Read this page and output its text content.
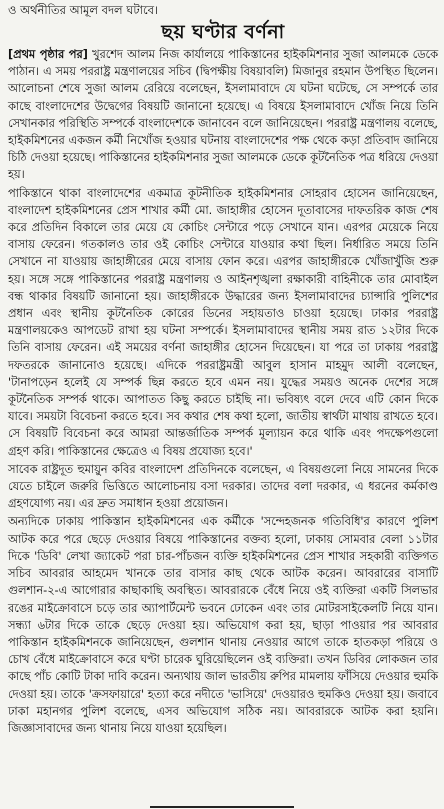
ও অর্থনীতির আমূল বদল ঘটাবে।
ছয় ঘণ্টার বর্ণনা

[প্রথম পৃষ্ঠার পর] খুরশেদ আলম নিজ কার্যালয়ে পাকিস্তানের হাইকমিশনার সুজা আলমকে ডেকে পাঠান। এ সময় পররাষ্ট্র মন্ত্রণালয়ের সচিব (দ্বিপক্ষীয় বিষয়াবলি) মিজানুর রহমান উপস্থিত ছিলেন। আলোচনা শেষে সুজা আলম রেরিয়ে বলেছেন, ইসলামাবাদে যে ঘটনা ঘটেছে, সে সম্পর্কে তার কাছে বাংলাদেশের উদ্বেগের বিষয়টি জানানো হয়েছে। এ বিষয়ে ইসলামাবাদে খোঁজ নিয়ে তিনি সেখানকার পরিস্থিতি সম্পর্কে বাংলাদেশকে জানাবেন বলে জানিয়েছেন। পররাষ্ট্র মন্ত্রণালয় বলেছে, হাইকমিশনের একজন কর্মী নিখোঁজ হওয়ার ঘটনায় বাংলাদেশের পক্ষ থেকে কড়া প্রতিবাদ জানিয়ে চিঠি দেওয়া হয়েছে। পাকিস্তানের হাইকমিশনার সুজা আলমকে ডেকে কূটনৈতিক পত্র ধরিয়ে দেওয়া হয়।

পাকিস্তানে থাকা বাংলাদেশের একমাত্র কূটনীতিক হাইকমিশনার সোহরাব হোসেন জানিয়েছেন, বাংলাদেশ হাইকমিশনের প্রেস শাখার কর্মী মো. জাহাঙ্গীর হোসেন দূতাবাসের দাফতরিক কাজ শেষ করে প্রতিদিন বিকালে তার মেয়ে যে কোচিং সেন্টারে পড়ে সেখানে যান। এরপর মেয়েকে নিয়ে বাসায় ফেরেন। গতকালও তার ওই কোচিং সেন্টারে যাওয়ার কথা ছিল। নির্ধারিত সময়ে তিনি সেখানে না যাওয়ায় জাহাঙ্গীরের মেয়ে বাসায় ফোন করে। এরপর জাহাঙ্গীরকে খোঁজাখুঁজি শুরু হয়। সঙ্গে সঙ্গে পাকিস্তানের পররাষ্ট্র মন্ত্রণালয় ও আইনশৃঙ্খলা রক্ষাকারী বাহিনীকে তার মোবাইল বন্ধ থাকার বিষয়টি জানানো হয়। জাহাঙ্গীরকে উদ্ধারের জন্য ইসলামাবাদের চ্যান্সারি পুলিশের প্রধান এবং স্থানীয় কূটনৈতিক কোরের ডিনের সহায়তাও চাওয়া হয়েছে। ঢাকার পররাষ্ট্র মন্ত্রণালয়কেও আপডেট রাখা হয় ঘটনা সম্পর্কে। ইসলামাবাদের স্থানীয় সময় রাত ১২টার দিকে তিনি বাসায় ফেরেন। এই সময়ের বর্ণনা জাহাঙ্গীর হোসেন দিয়েছেন। যা পরে তা ঢাকায় পররাষ্ট্র দফতরকে জানানোও হয়েছে। এদিকে পররাষ্ট্রমন্ত্রী আবুল হাসান মাহমুদ আলী বলেছেন, 'টানাপড়েন হলেই যে সম্পর্ক ছিন্ন করতে হবে এমন নয়। যুদ্ধের সময়ও অনেক দেশের সঙ্গে কূটনৈতিক সম্পর্ক থাকে। আপাতত কিছু করতে চাইছি না। ভবিষ্যৎ বলে দেবে এটি কোন দিকে যাবে। সময়টা বিবেচনা করতে হবে। সব কথার শেষ কথা হলো, জাতীয় স্বার্থটা মাথায় রাখতে হবে। সে বিষয়টি বিবেচনা করে আমরা আন্তর্জাতিক সম্পর্ক মূল্যায়ন করে থাকি এবং পদক্ষেপগুলো গ্রহণ করি। পাকিস্তানের ক্ষেত্রেও এ বিষয় প্রযোজ্য হবে।'

সাবেক রাষ্ট্রদূত হুমায়ুন কবির বাংলাদেশ প্রতিদিনকে বলেছেন, এ বিষয়গুলো নিয়ে সামনের দিকে যেতে চাইলে জরুরি ভিত্তিতে আলোচনায় বসা দরকার। তাদের বলা দরকার, এ ধরনের কর্মকাণ্ড গ্রহণযোগ্য নয়। এর দ্রুত সমাধান হওয়া প্রয়োজন।

অন্যদিকে ঢাকায় পাকিস্তান হাইকমিশনের এক কর্মীকে 'সন্দেহজনক গতিবিধি'র কারণে পুলিশ আটক করে পরে ছেড়ে দেওয়ার বিষয়ে পাকিস্তানের বক্তব্য হলো, ঢাকায় সোমবার বেলা ১১টার দিকে 'ডিবি' লেখা জ্যাকেট পরা চার-পাঁচজন ব্যক্তি হাইকমিশনের প্রেস শাখার সহকারী ব্যক্তিগত সচিব আবরার আহমেদ খানকে তার বাসার কাছ থেকে আটক করেন। আবরারের বাসাটি গুলশান-২-এ আগোরার কাছাকাছি অবস্থিত। আবরারকে বেঁধে নিয়ে ওই ব্যক্তিরা একটি সিলভার রঙের মাইক্রোবাসে চড়ে তার অ্যাপার্টমেন্ট ভবনে ঢোকেন এবং তার মোটরসাইকেলটি নিয়ে যান। সন্ধ্যা ৬টার দিকে তাকে ছেড়ে দেওয়া হয়। অভিযোগ করা হয়, ছাড়া পাওয়ার পর আবরার পাকিস্তান হাইকমিশনকে জানিয়েছেন, গুলশান থানায় নেওয়ার আগে তাকে হাতকড়া পরিয়ে ও চোখ বেঁধে মাইক্রোবাসে করে ঘণ্টা চারেক ঘুরিয়েছিলেন ওই ব্যক্তিরা। তখন ডিবির লোকজন তার কাছে পাঁচ কোটি টাকা দাবি করেন। অন্যথায় জাল ভারতীয় রুপির মামলায় ফাঁসিয়ে দেওয়ার হুমকি দেওয়া হয়। তাকে 'ক্রসফায়ারে' হত্যা করে নদীতে 'ভাসিয়ে' দেওয়ারও হুমকিও দেওয়া হয়। জবাবে ঢাকা মহানগর পুলিশ বলেছে, এসব অভিযোগ সঠিক নয়। আবরারকে আটক করা হয়নি। জিজ্ঞাসাবাদের জন্য থানায় নিয়ে যাওয়া হয়েছিল।
